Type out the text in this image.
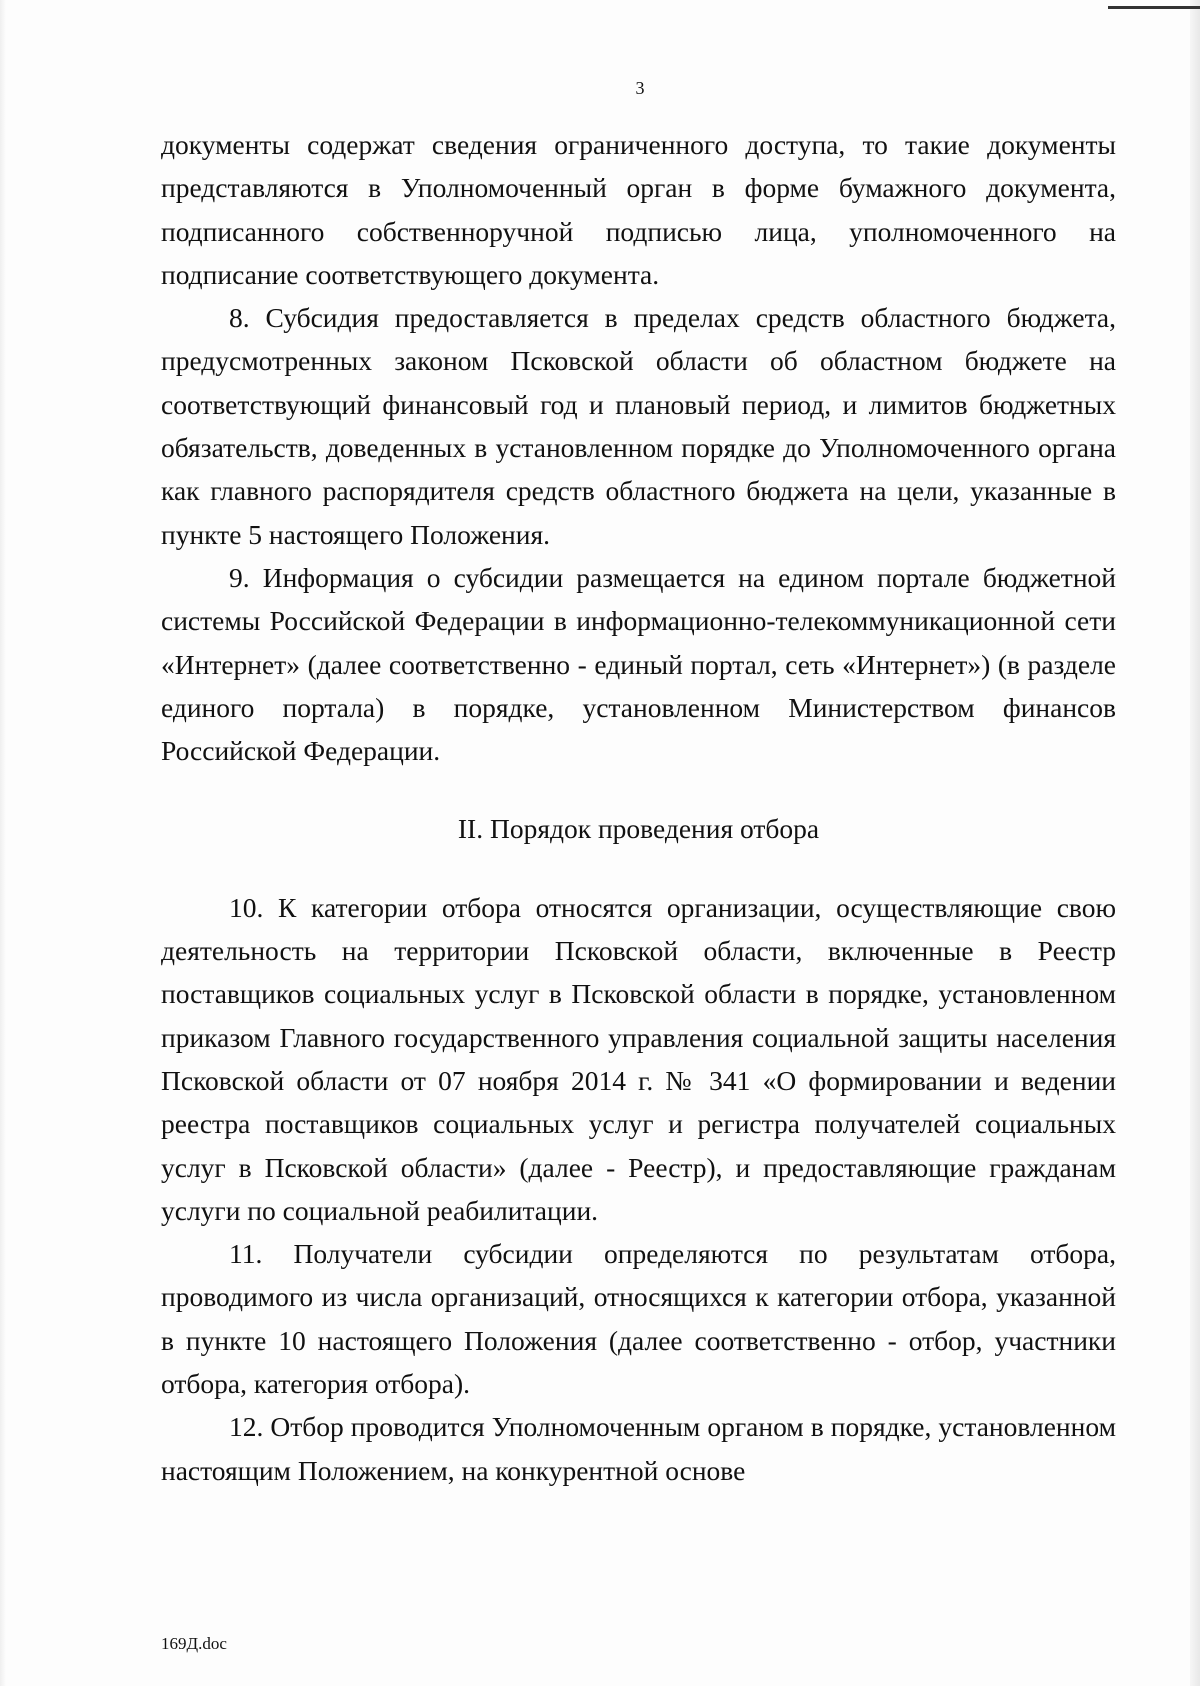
3

документы содержат сведения ограниченного доступа, то такие документы представляются в Уполномоченный орган в форме бумажного документа, подписанного собственноручной подписью лица, уполномоченного на подписание соответствующего документа.

8. Субсидия предоставляется в пределах средств областного бюджета, предусмотренных законом Псковской области об областном бюджете на соответствующий финансовый год и плановый период, и лимитов бюджетных обязательств, доведенных в установленном порядке до Уполномоченного органа как главного распорядителя средств областного бюджета на цели, указанные в пункте 5 настоящего Положения.

9. Информация о субсидии размещается на едином портале бюджетной системы Российской Федерации в информационно-телекоммуникационной сети «Интернет» (далее соответственно - единый портал, сеть «Интернет») (в разделе единого портала) в порядке, установленном Министерством финансов Российской Федерации.

II. Порядок проведения отбора

10. К категории отбора относятся организации, осуществляющие свою деятельность на территории Псковской области, включенные в Реестр поставщиков социальных услуг в Псковской области в порядке, установленном приказом Главного государственного управления социальной защиты населения Псковской области от 07 ноября 2014 г. № 341 «О формировании и ведении реестра поставщиков социальных услуг и регистра получателей социальных услуг в Псковской области» (далее - Реестр), и предоставляющие гражданам услуги по социальной реабилитации.

11. Получатели субсидии определяются по результатам отбора, проводимого из числа организаций, относящихся к категории отбора, указанной в пункте 10 настоящего Положения (далее соответственно - отбор, участники отбора, категория отбора).

12. Отбор проводится Уполномоченным органом в порядке, установленном настоящим Положением, на конкурентной основе

169Д.doc
